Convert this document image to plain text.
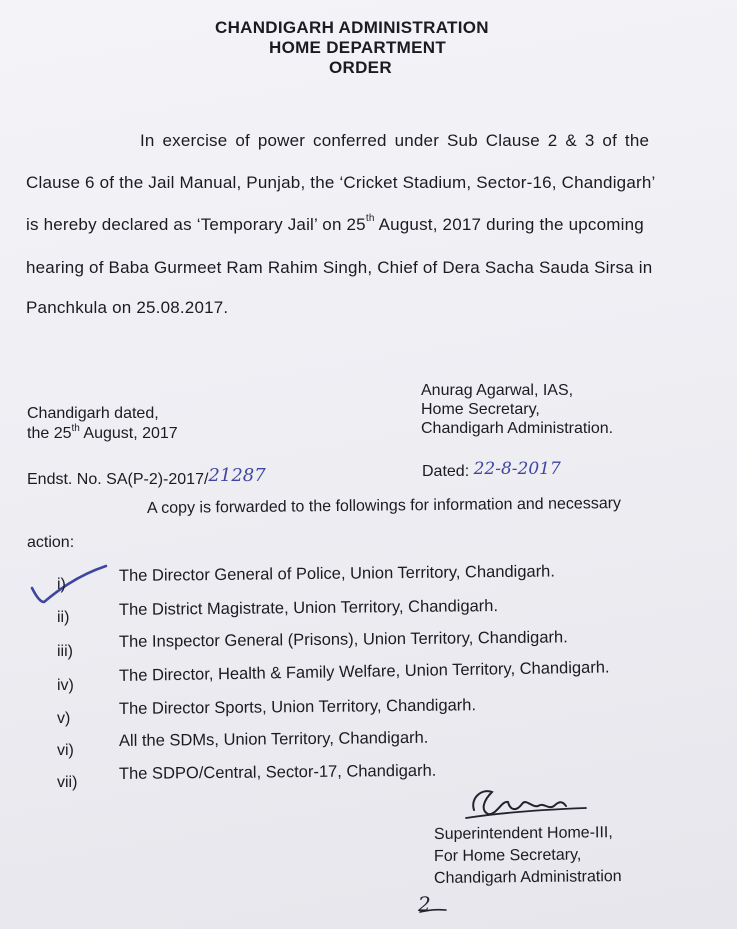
CHANDIGARH ADMINISTRATION
HOME DEPARTMENT
ORDER
In exercise of power conferred under Sub Clause 2 & 3 of the
Clause 6 of the Jail Manual, Punjab, the ‘Cricket Stadium, Sector-16, Chandigarh’
is hereby declared as ‘Temporary Jail’ on 25th August, 2017 during the upcoming
hearing of Baba Gurmeet Ram Rahim Singh, Chief of Dera Sacha Sauda Sirsa in
Panchkula on 25.08.2017.
Anurag Agarwal, IAS,
Home Secretary,
Chandigarh Administration.
Chandigarh dated,
the 25th August, 2017
Endst. No. SA(P-2)-2017/21287	Dated: 22-8-2017
A copy is forwarded to the followings for information and necessary
action:
i)	The Director General of Police, Union Territory, Chandigarh.
ii)	The District Magistrate, Union Territory, Chandigarh.
iii)
The Inspector General (Prisons), Union Territory, Chandigarh.
iv)
The Director, Health & Family Welfare, Union Territory, Chandigarh.
v)
The Director Sports, Union Territory, Chandigarh.
vi)
All the SDMs, Union Territory, Chandigarh.
vii)	The SDPO/Central, Sector-17, Chandigarh.
Superintendent Home-III,
For Home Secretary,
Chandigarh Administration
2
